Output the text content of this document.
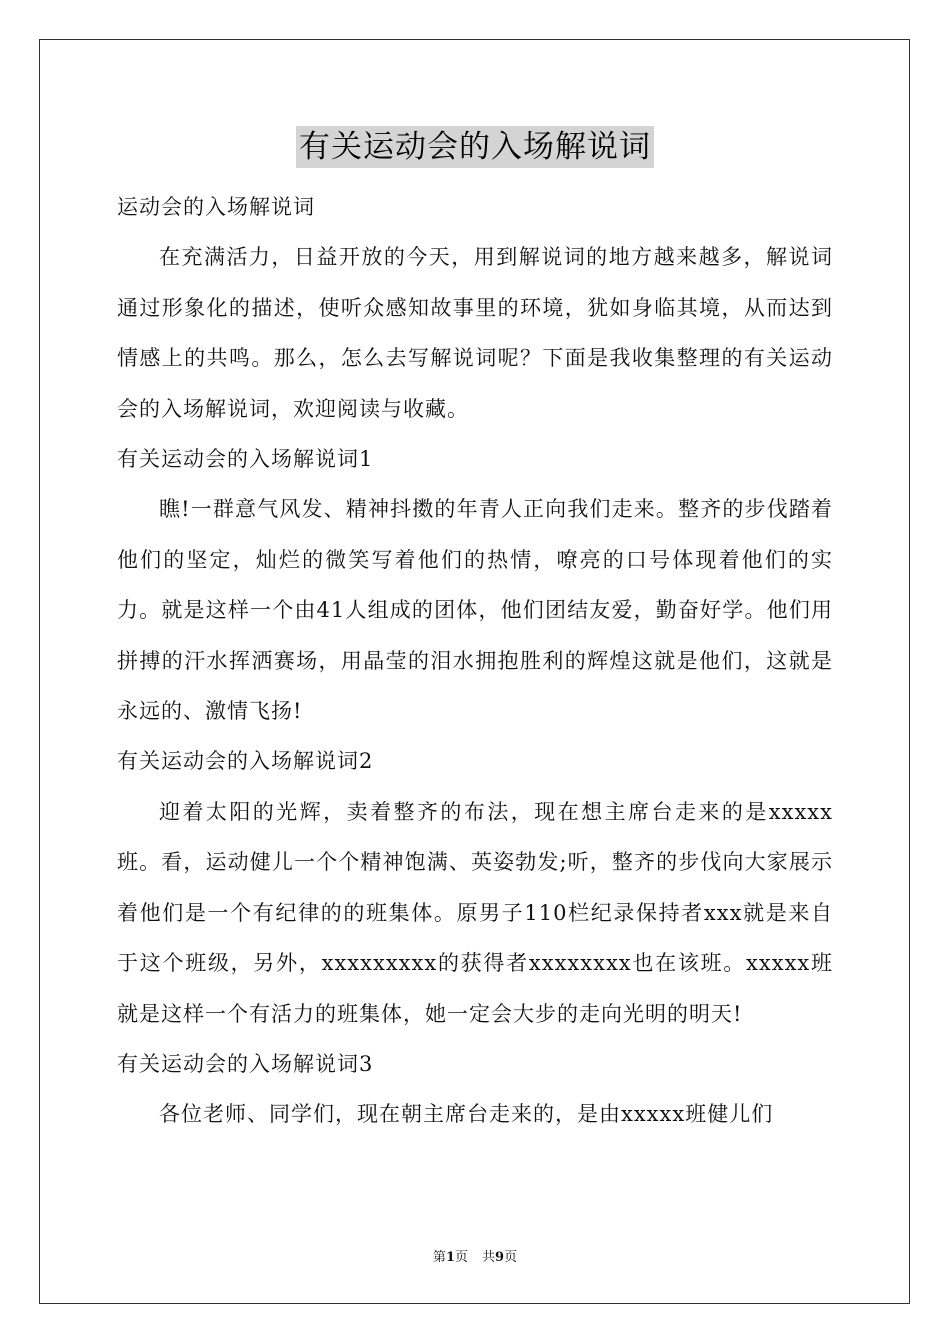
有关运动会的入场解说词

运动会的入场解说词

在充满活力，日益开放的今天，用到解说词的地方越来越多，解说词通过形象化的描述，使听众感知故事里的环境，犹如身临其境，从而达到情感上的共鸣。那么，怎么去写解说词呢？下面是我收集整理的有关运动会的入场解说词，欢迎阅读与收藏。

有关运动会的入场解说词1

瞧!一群意气风发、精神抖擞的年青人正向我们走来。整齐的步伐踏着他们的坚定，灿烂的微笑写着他们的热情，嘹亮的口号体现着他们的实力。就是这样一个由41人组成的团体，他们团结友爱，勤奋好学。他们用拼搏的汗水挥洒赛场，用晶莹的泪水拥抱胜利的辉煌这就是他们，这就是永远的、激情飞扬!

有关运动会的入场解说词2

迎着太阳的光辉，卖着整齐的布法，现在想主席台走来的是xxxxx班。看，运动健儿一个个精神饱满、英姿勃发;听，整齐的步伐向大家展示着他们是一个有纪律的的班集体。原男子110栏纪录保持者xxx就是来自于这个班级，另外，xxxxxxxxx的获得者xxxxxxxx也在该班。xxxxx班就是这样一个有活力的班集体，她一定会大步的走向光明的明天!

有关运动会的入场解说词3

各位老师、同学们，现在朝主席台走来的，是由xxxxx班健儿们

第1页 共9页
